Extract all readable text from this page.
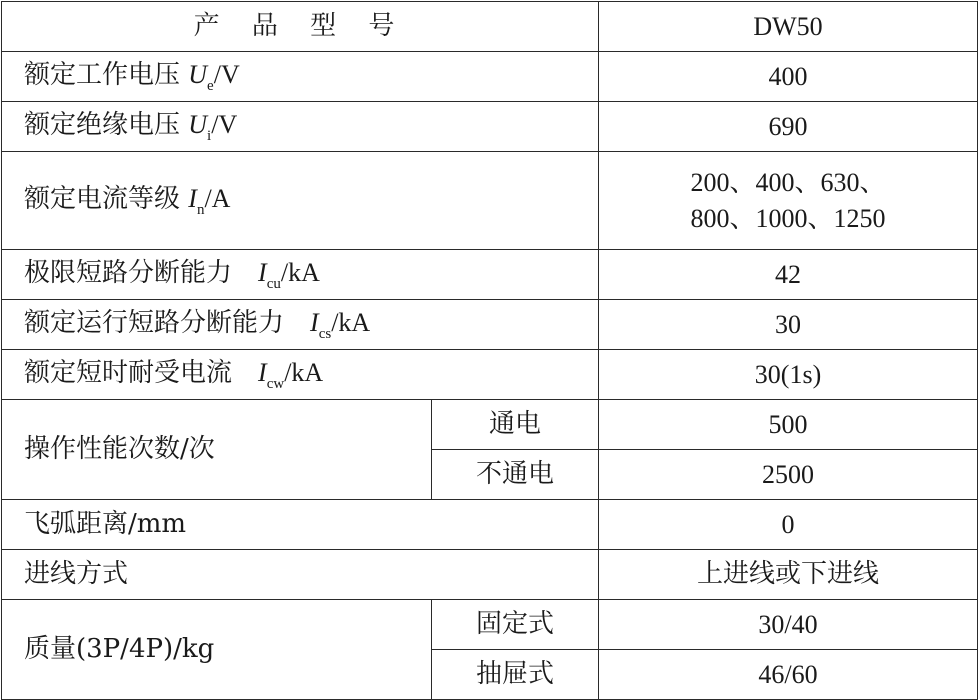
产 品 型 号		DW50
额定工作电压 $U_e/V$		400
额定绝缘电压 $U_i/V$		690
额定电流等级 $I_n/A$		200、400、630、
800、1000、1250

极限短路分断能力 $I_{cu}/kA$		42
额定运行短路分断能力 $I_{cs}/kA$		30
额定短时耐受电流 $I_{cw}/kA$		30(1s)
操作性能次数/次	通电	500
	不通电	2500
飞弧距离/mm		0
进线方式		上进线或下进线
质量(3P/4P)/kg	固定式	30/40
	抽屉式	46/60
